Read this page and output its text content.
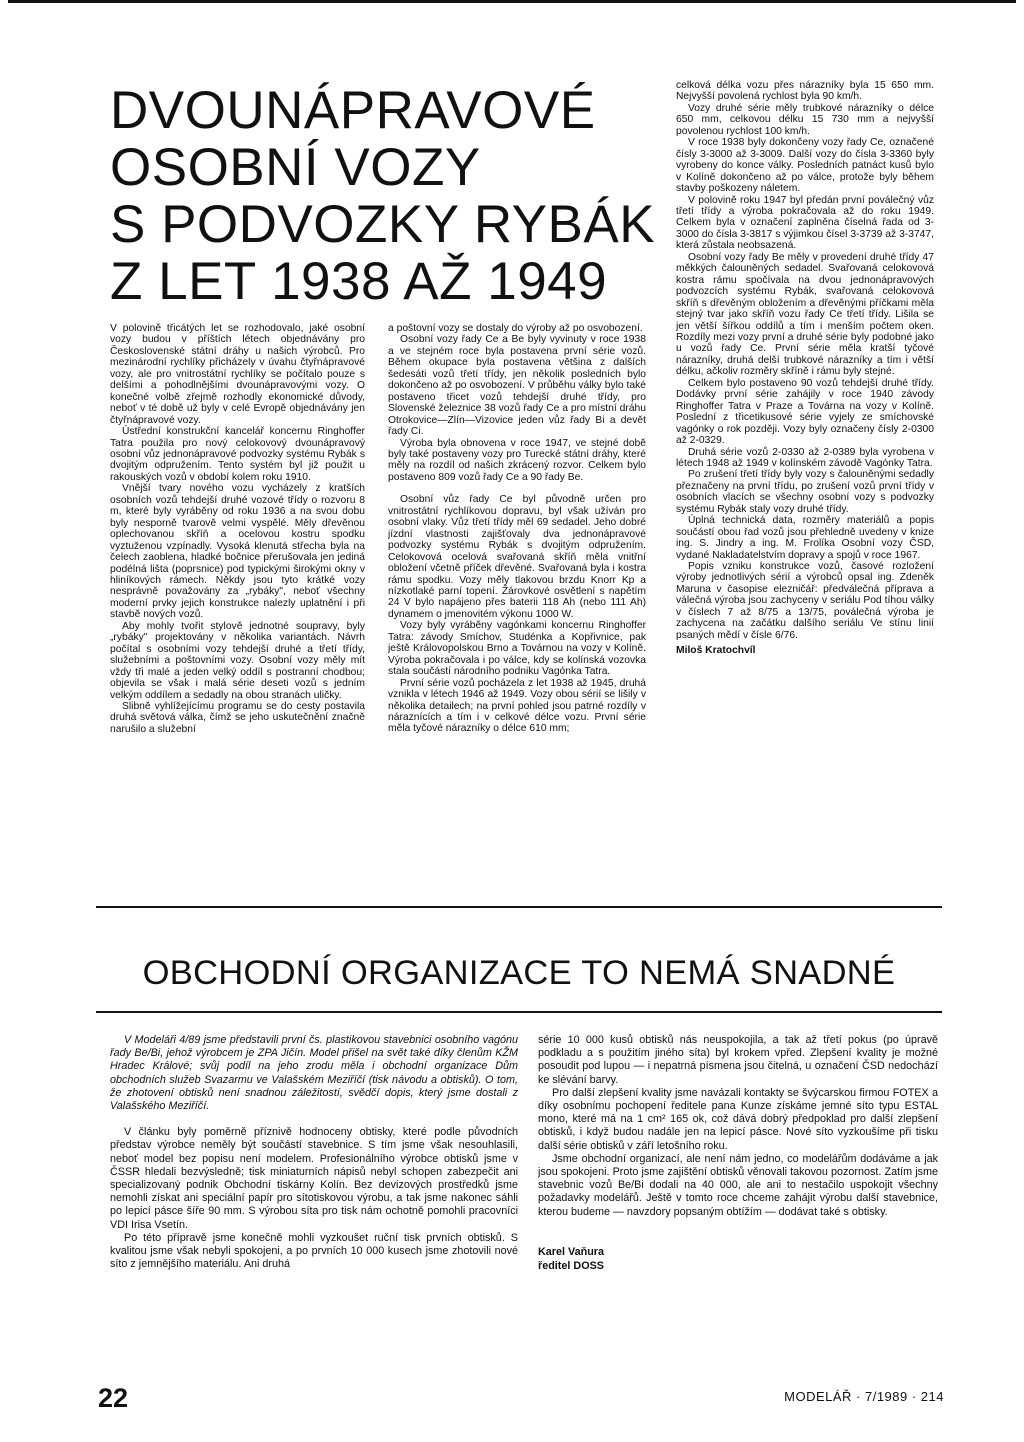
DVOUNÁPRAVOVÉ
OSOBNÍ VOZY
S PODVOZKY RYBÁK
Z LET 1938 AŽ 1949

V polovině třicátých let se rozhodovalo, jaké osobní vozy budou v příštích létech objednávány pro Československé státní dráhy u našich výrobců. Pro mezinárodní rychlíky přicházely v úvahu čtyřnápravové vozy, ale pro vnitrostátní rychlíky se počítalo pouze s delšími a pohodlnějšími dvounápravovými vozy. O konečné volbě zřejmě rozhodly ekonomické důvody, neboť v té době už byly v celé Evropě objednávány jen čtyřnápravové vozy.

Ústřední konstrukční kancelář koncernu Ringhoffer Tatra použila pro nový celokovový dvounápravový osobní vůz jednonápravové podvozky systému Rybák s dvojitým odpružením. Tento systém byl již použit u rakouských vozů v období kolem roku 1910.

Vnější tvary nového vozu vycházely z kratších osobních vozů tehdejší druhé vozové třídy o rozvoru 8 m, které byly vyráběny od roku 1936 a na svou dobu byly nesporně tvarově velmi vyspělé. Měly dřevěnou oplechovanou skříň a ocelovou kostru spodku vyztuženou vzpínadly. Vysoká klenutá střecha byla na čelech zaoblena, hladké bočnice přerušovala jen jediná podélná lišta (poprsnice) pod typickými širokými okny v hliníkových rámech. Někdy jsou tyto krátké vozy nesprávně považovány za „rybáky", neboť všechny moderní prvky jejich konstrukce nalezly uplatnění i při stavbě nových vozů.

Aby mohly tvořit stylově jednotné soupravy, byly „rybáky" projektovány v několika variantách. Návrh počítal s osobními vozy tehdejší druhé a třetí třídy, služebními a poštovními vozy. Osobní vozy měly mít vždy tři malé a jeden velký oddíl s postranní chodbou; objevila se však i malá série deseti vozů s jedním velkým oddílem a sedadly na obou stranách uličky.

Slibně vyhlížejícímu programu se do cesty postavila druhá světová válka, čímž se jeho uskutečnění značně narušilo a služební

a poštovní vozy se dostaly do výroby až po osvobození.

Osobní vozy řady Ce a Be byly vyvinuty v roce 1938 a ve stejném roce byla postavena první série vozů. Během okupace byla postavena většina z dalších šedesáti vozů třetí třídy, jen několik posledních bylo dokončeno až po osvobození. V průběhu války bylo také postaveno třicet vozů tehdejší druhé třídy, pro Slovenské železnice 38 vozů řady Ce a pro místní dráhu Otrokovice—Zlín—Vizovice jeden vůz řady Bi a devět řady Ci.

Výroba byla obnovena v roce 1947, ve stejné době byly také postaveny vozy pro Turecké státní dráhy, které měly na rozdíl od našich zkrácený rozvor. Celkem bylo postaveno 809 vozů řady Ce a 90 řady Be.

Osobní vůz řady Ce byl původně určen pro vnitrostátní rychlíkovou dopravu, byl však užíván pro osobní vlaky. Vůz třetí třídy měl 69 sedadel. Jeho dobré jízdní vlastnosti zajišťovaly dva jednonápravové podvozky systému Rybák s dvojitým odpružením. Celokovová ocelová svařovaná skříň měla vnitřní obložení včetně příček dřevěné. Svařovaná byla i kostra rámu spodku. Vozy měly tlakovou brzdu Knorr Kp a nízkotlaké parní topení. Žárovkové osvětlení s napětím 24 V bylo napájeno přes baterii 118 Ah (nebo 111 Ah) dynamem o jmenovitém výkonu 1000 W.

Vozy byly vyráběny vagónkami koncernu Ringhoffer Tatra: závody Smíchov, Studénka a Kopřivnice, pak ještě Královopolskou Brno a Továrnou na vozy v Kolíně. Výroba pokračovala i po válce, kdy se kolínská vozovka stala součástí národního podniku Vagónka Tatra.

První série vozů pocházela z let 1938 až 1945, druhá vznikla v létech 1946 až 1949. Vozy obou sérií se lišily v několika detailech; na první pohled jsou patrné rozdíly v náraznících a tím i v celkové délce vozu. První série měla tyčové nárazníky o délce 610 mm;

celková délka vozu přes nárazníky byla 15 650 mm. Nejvyšší povolená rychlost byla 90 km/h.

Vozy druhé série měly trubkové nárazníky o délce 650 mm, celkovou délku 15 730 mm a nejvyšší povolenou rychlost 100 km/h.

V roce 1938 byly dokončeny vozy řady Ce, označené čísly 3-3000 až 3-3009. Další vozy do čísla 3-3360 byly vyrobeny do konce války. Posledních patnáct kusů bylo v Kolíně dokončeno až po válce, protože byly během stavby poškozeny náletem.

V polovině roku 1947 byl předán první poválečný vůz třetí třídy a výroba pokračovala až do roku 1949. Celkem byla v označení zaplněna číselná řada od 3-3000 do čísla 3-3817 s výjimkou čísel 3-3739 až 3-3747, která zůstala neobsazená.

Osobní vozy řady Be měly v provedení druhé třídy 47 měkkých čalouněných sedadel. Svařovaná celokovová kostra rámu spočívala na dvou jednonápravových podvozcích systému Rybák, svařovaná celokovová skříň s dřevěným obložením a dřevěnými příčkami měla stejný tvar jako skříň vozu řady Ce třetí třídy. Lišila se jen větší šířkou oddílů a tím i menším počtem oken. Rozdíly mezi vozy první a druhé série byly podobné jako u vozů řady Ce. První série měla kratší tyčové nárazníky, druhá delší trubkové nárazníky a tím i větší délku, ačkoliv rozměry skříně i rámu byly stejné.

Celkem bylo postaveno 90 vozů tehdejší druhé třídy. Dodávky první série zahájily v roce 1940 závody Ringhoffer Tatra v Praze a Továrna na vozy v Kolíně. Poslední z třicetikusové série vyjely ze smíchovské vagónky o rok později. Vozy byly označeny čísly 2-0300 až 2-0329.

Druhá série vozů 2-0330 až 2-0389 byla vyrobena v létech 1948 až 1949 v kolínském závodě Vagónky Tatra.

Po zrušení třetí třídy byly vozy s čalouněnými sedadly přeznačeny na první třídu, po zrušení vozů první třídy v osobních vlacích se všechny osobní vozy s podvozky systému Rybák staly vozy druhé třídy.

Úplná technická data, rozměry materiálů a popis součástí obou řad vozů jsou přehledně uvedeny v knize ing. S. Jindry a ing. M. Frolíka Osobní vozy ČSD, vydané Nakladatelstvím dopravy a spojů v roce 1967.

Popis vzniku konstrukce vozů, časové rozložení výroby jednotlivých sérií a výrobců opsal ing. Zdeněk Maruna v časopise elezničář: předválečná příprava a válečná výroba jsou zachyceny v seriálu Pod tíhou války v číslech 7 až 8/75 a 13/75, poválečná výroba je zachycena na začátku dalšího seriálu Ve stínu linií psaných mědí v čísle 6/76.

Miloš Kratochvíl

OBCHODNÍ ORGANIZACE TO NEMÁ SNADNÉ

V Modeláři 4/89 jsme představili první čs. plastikovou stavebnici osobního vagónu řady Be/Bi, jehož výrobcem je ZPA Jičín. Model přišel na svět také díky členům KŽM Hradec Králové; svůj podíl na jeho zrodu měla i obchodní organizace Dům obchodních služeb Svazarmu ve Valašském Meziříčí (tisk návodu a obtisků). O tom, že zhotovení obtisků není snadnou záležitostí, svědčí dopis, který jsme dostali z Valašského Meziříčí.

V článku byly poměrně příznivě hodnoceny obtisky, které podle původních představ výrobce neměly být součástí stavebnice. S tím jsme však nesouhlasili, neboť model bez popisu není modelem. Profesionálního výrobce obtisků jsme v ČSSR hledali bezvýsledně; tisk miniaturních nápisů nebyl schopen zabezpečit ani specializovaný podnik Obchodní tiskárny Kolín. Bez devizových prostředků jsme nemohli získat ani speciální papír pro sítotiskovou výrobu, a tak jsme nakonec sáhli po lepicí pásce šíře 90 mm. S výrobou síta pro tisk nám ochotně pomohli pracovníci VDI Irisa Vsetín.

Po této přípravě jsme konečně mohli vyzkoušet ruční tisk prvních obtisků. S kvalitou jsme však nebyli spokojeni, a po prvních 10 000 kusech jsme zhotovili nové síto z jemnějšího materiálu. Ani druhá

série 10 000 kusů obtisků nás neuspokojila, a tak až třetí pokus (po úpravě podkladu a s použitím jiného síta) byl krokem vpřed. Zlepšení kvality je možné posoudit pod lupou — i nepatrná písmena jsou čitelná, u označení ČSD nedochází ke slévání barvy.

Pro další zlepšení kvality jsme navázali kontakty se švýcarskou firmou FOTEX a díky osobnímu pochopení ředitele pana Kunze získáme jemné síto typu ESTAL mono, které má na 1 cm² 165 ok, což dává dobrý předpoklad pro další zlepšení obtisků, i když budou nadále jen na lepicí pásce. Nové síto vyzkoušíme při tisku další série obtisků v září letošního roku.

Jsme obchodní organizací, ale není nám jedno, co modelářům dodáváme a jak jsou spokojeni. Proto jsme zajištění obtisků věnovali takovou pozornost. Zatím jsme stavebnic vozů Be/Bi dodali na 40 000, ale ani to nestačilo uspokojit všechny požadavky modelářů. Ještě v tomto roce chceme zahájit výrobu další stavebnice, kterou budeme — navzdory popsaným obtížím — dodávat také s obtisky.

Karel Vaňura
ředitel DOSS

22	MODELÁŘ · 7/1989 · 214
